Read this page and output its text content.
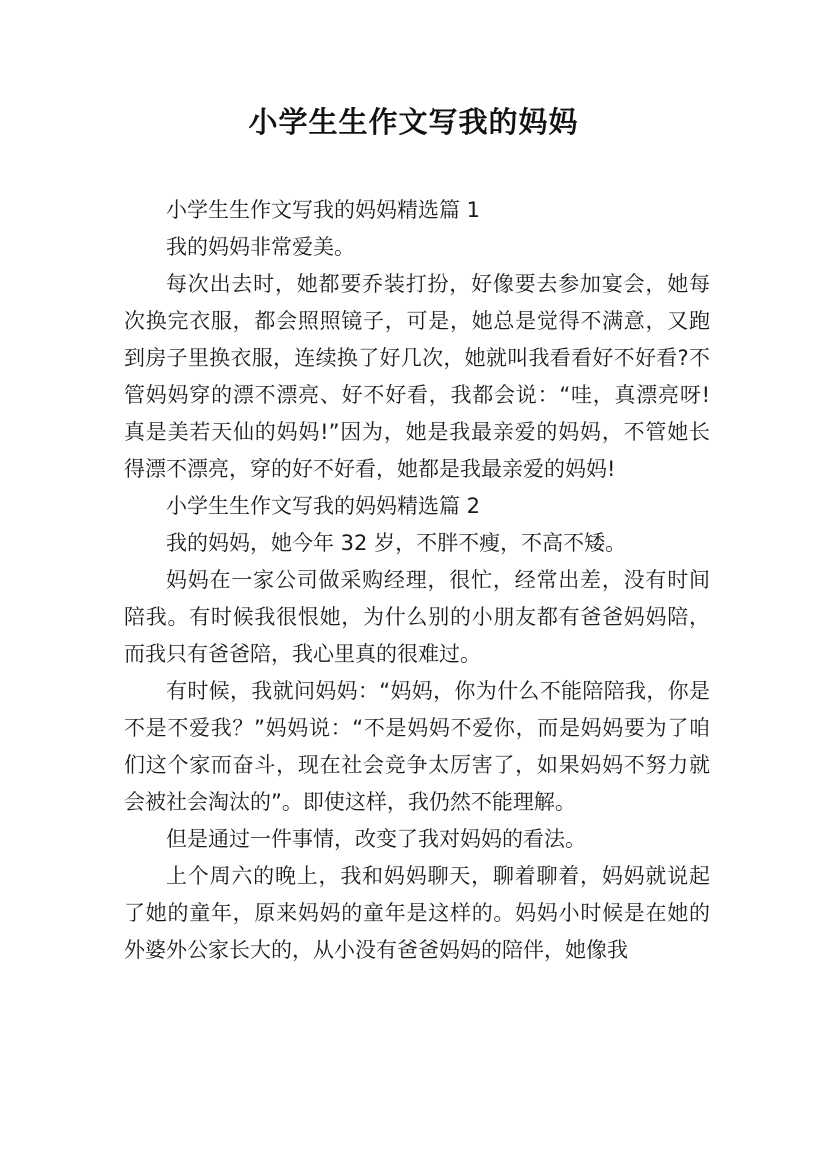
小学生生作文写我的妈妈

小学生生作文写我的妈妈精选篇 1

我的妈妈非常爱美。

每次出去时，她都要乔装打扮，好像要去参加宴会，她每次换完衣服，都会照照镜子，可是，她总是觉得不满意，又跑到房子里换衣服，连续换了好几次，她就叫我看看好不好看?不管妈妈穿的漂不漂亮、好不好看，我都会说：“哇，真漂亮呀!真是美若天仙的妈妈!”因为，她是我最亲爱的妈妈，不管她长得漂不漂亮，穿的好不好看，她都是我最亲爱的妈妈!

小学生生作文写我的妈妈精选篇 2

我的妈妈，她今年 32 岁，不胖不瘦，不高不矮。

妈妈在一家公司做采购经理，很忙，经常出差，没有时间陪我。有时候我很恨她，为什么别的小朋友都有爸爸妈妈陪，而我只有爸爸陪，我心里真的很难过。

有时候，我就问妈妈：“妈妈，你为什么不能陪陪我，你是不是不爱我？”妈妈说：“不是妈妈不爱你，而是妈妈要为了咱们这个家而奋斗，现在社会竞争太厉害了，如果妈妈不努力就会被社会淘汰的”。即使这样，我仍然不能理解。

但是通过一件事情，改变了我对妈妈的看法。

上个周六的晚上，我和妈妈聊天，聊着聊着，妈妈就说起了她的童年，原来妈妈的童年是这样的。妈妈小时候是在她的外婆外公家长大的，从小没有爸爸妈妈的陪伴，她像我
